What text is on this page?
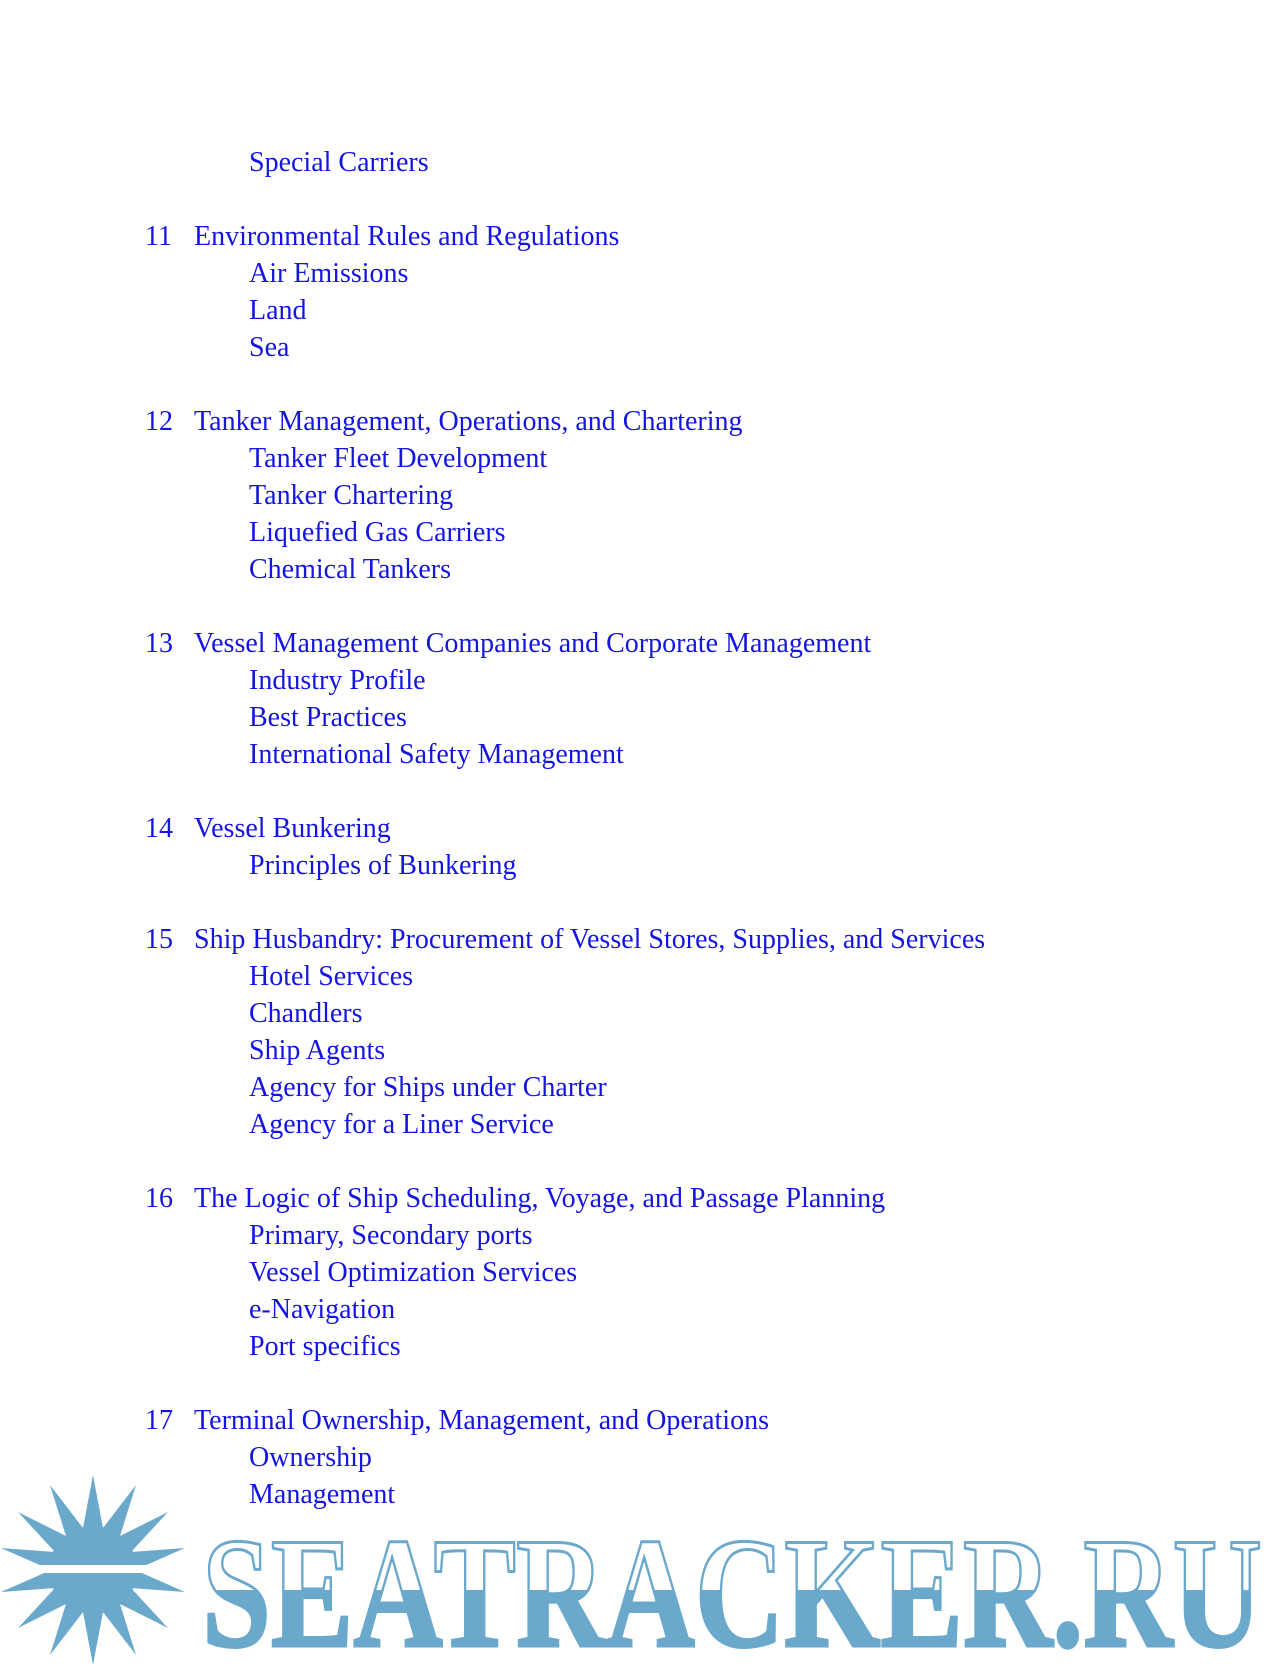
Special Carriers
11 Environmental Rules and Regulations
Air Emissions
Land
Sea
12 Tanker Management, Operations, and Chartering
Tanker Fleet Development
Tanker Chartering
Liquefied Gas Carriers
Chemical Tankers
13 Vessel Management Companies and Corporate Management
Industry Profile
Best Practices
International Safety Management
14 Vessel Bunkering
Principles of Bunkering
15 Ship Husbandry: Procurement of Vessel Stores, Supplies, and Services
Hotel Services
Chandlers
Ship Agents
Agency for Ships under Charter
Agency for a Liner Service
16 The Logic of Ship Scheduling, Voyage, and Passage Planning
Primary, Secondary ports
Vessel Optimization Services
e-Navigation
Port specifics
17 Terminal Ownership, Management, and Operations
Ownership
Management
SEATRACKER.RU
